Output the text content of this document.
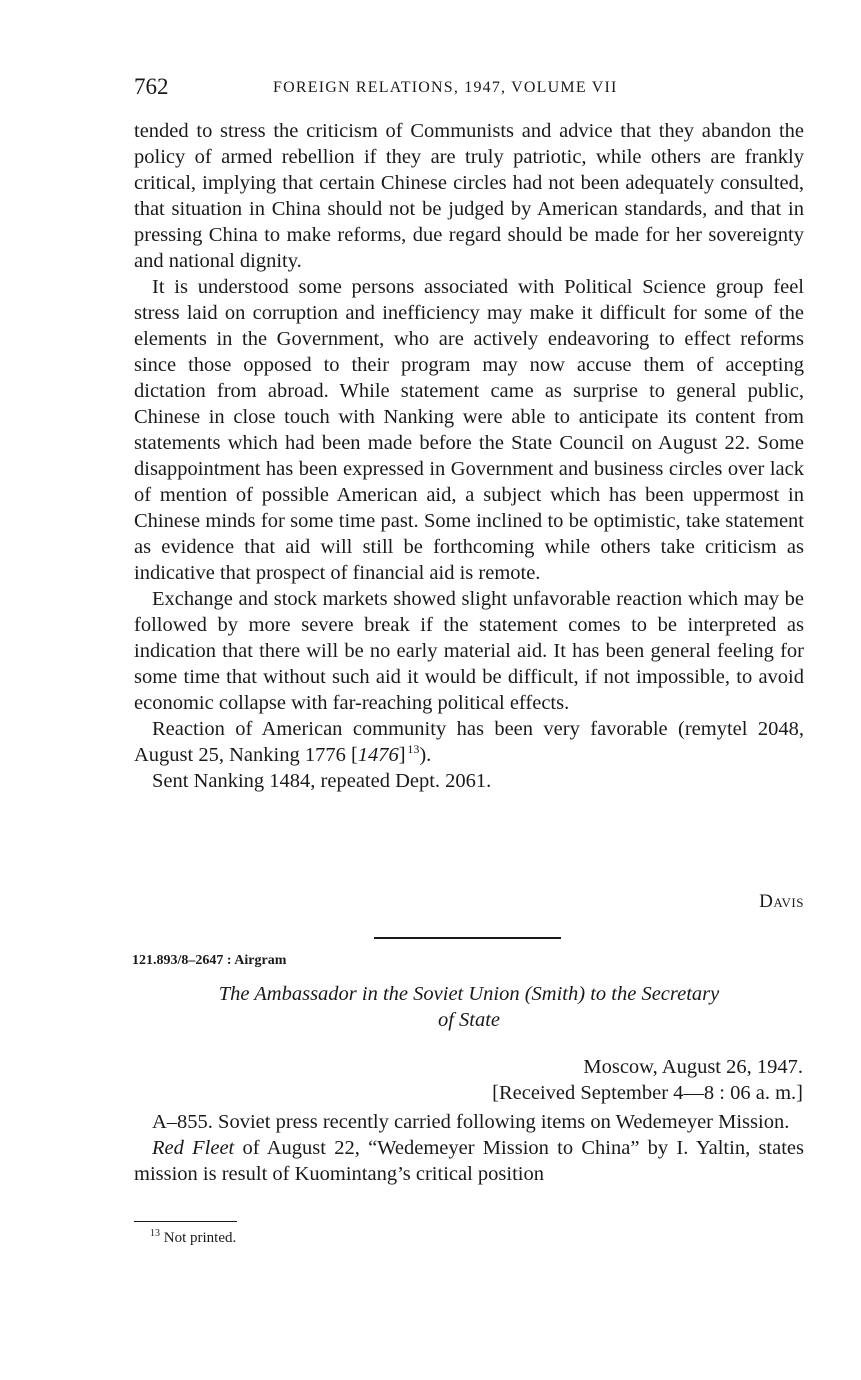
762	FOREIGN RELATIONS, 1947, VOLUME VII

tended to stress the criticism of Communists and advice that they abandon the policy of armed rebellion if they are truly patriotic, while others are frankly critical, implying that certain Chinese circles had not been adequately consulted, that situation in China should not be judged by American standards, and that in pressing China to make reforms, due regard should be made for her sovereignty and national dignity.

It is understood some persons associated with Political Science group feel stress laid on corruption and inefficiency may make it difficult for some of the elements in the Government, who are actively endeavoring to effect reforms since those opposed to their program may now accuse them of accepting dictation from abroad. While statement came as surprise to general public, Chinese in close touch with Nanking were able to anticipate its content from statements which had been made before the State Council on August 22. Some disappointment has been expressed in Government and business circles over lack of mention of possible American aid, a subject which has been uppermost in Chinese minds for some time past. Some inclined to be optimistic, take statement as evidence that aid will still be forthcoming while others take criticism as indicative that prospect of financial aid is remote.

Exchange and stock markets showed slight unfavorable reaction which may be followed by more severe break if the statement comes to be interpreted as indication that there will be no early material aid. It has been general feeling for some time that without such aid it would be difficult, if not impossible, to avoid economic collapse with far-reaching political effects.

Reaction of American community has been very favorable (remytel 2048, August 25, Nanking 1776 [1476]  $^{13}$).

Sent Nanking 1484, repeated Dept. 2061.

Davis
121.893/8–2647 : Airgram
The Ambassador in the Soviet Union (Smith) to the Secretary
of State
Moscow, August 26, 1947.
[Received September 4—8 : 06 a. m.]

A–855. Soviet press recently carried following items on Wedemeyer Mission.

Red Fleet of August 22, “Wedemeyer Mission to China” by I. Yaltin, states mission is result of Kuomintang’s critical position

$^{13}$ Not printed.
